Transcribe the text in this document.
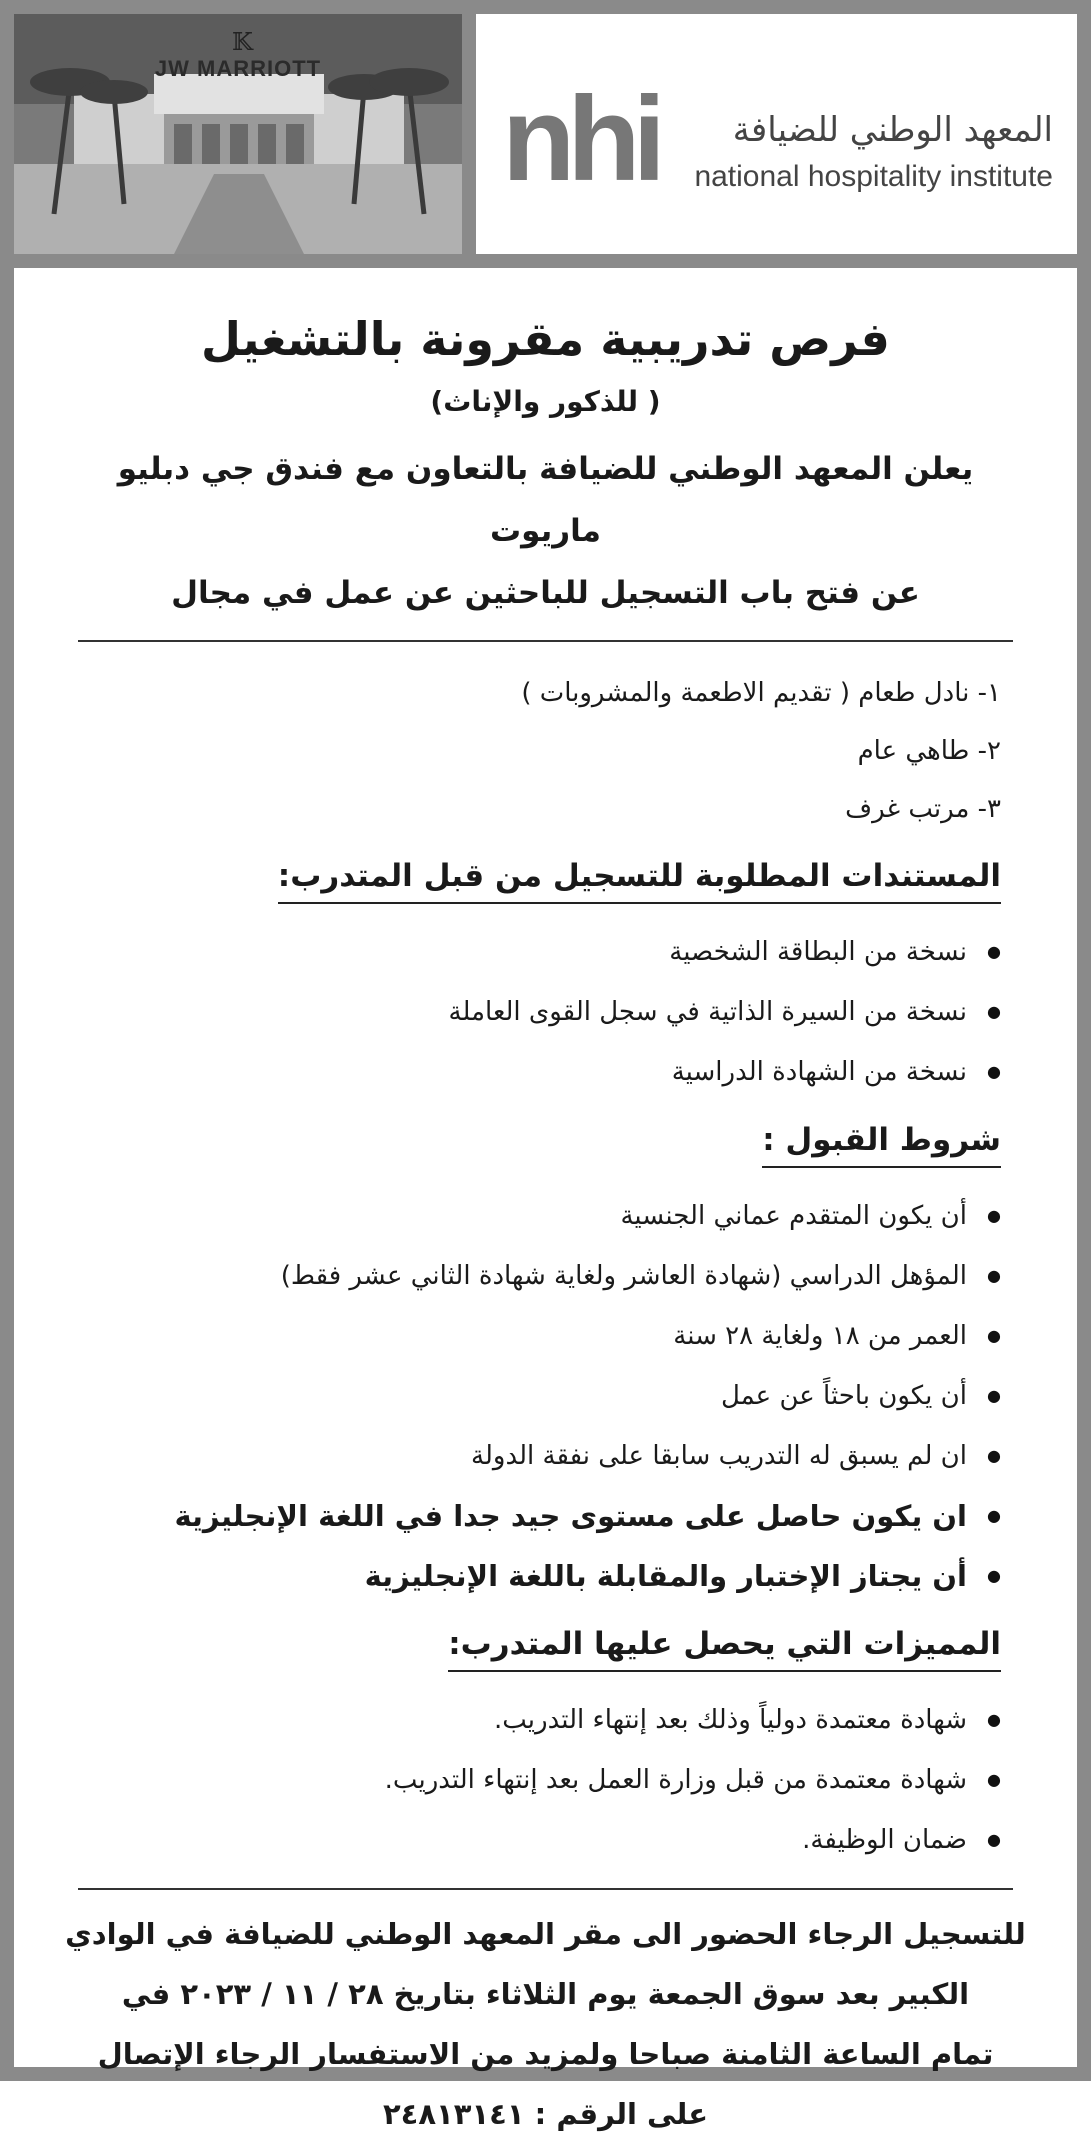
𝕂
JW MARRIOTT
nhi	المعهد الوطني للضيافة
national hospitality institute
فرص تدريبية مقرونة بالتشغيل
( للذكور والإناث)
يعلن المعهد الوطني للضيافة بالتعاون مع فندق جي دبليو ماريوت
عن فتح باب التسجيل للباحثين عن عمل في مجال
١- نادل طعام ( تقديم الاطعمة والمشروبات )
٢- طاهي عام
٣- مرتب غرف
المستندات المطلوبة للتسجيل من قبل المتدرب:
● نسخة من البطاقة الشخصية
● نسخة من السيرة الذاتية في سجل القوى العاملة
● نسخة من الشهادة الدراسية
شروط القبول :
● أن يكون المتقدم عماني الجنسية
● المؤهل الدراسي (شهادة العاشر ولغاية شهادة الثاني عشر فقط)
● العمر من ١٨ ولغاية ٢٨ سنة
● أن يكون باحثاً عن عمل
● ان لم يسبق له التدريب سابقا على نفقة الدولة
● ان يكون حاصل على مستوى جيد جدا في اللغة الإنجليزية
● أن يجتاز الإختبار والمقابلة باللغة الإنجليزية
المميزات التي يحصل عليها المتدرب:
● شهادة معتمدة دولياً وذلك بعد إنتهاء التدريب.
● شهادة معتمدة من قبل وزارة العمل بعد إنتهاء التدريب.
● ضمان الوظيفة.
للتسجيل الرجاء الحضور الى مقر المعهد الوطني للضيافة في الوادي
الكبير بعد سوق الجمعة يوم الثلاثاء بتاريخ ٢٨ / ١١ / ٢٠٢٣ في
تمام الساعة الثامنة صباحا ولمزيد من الاستفسار الرجاء الإتصال
على الرقم : ٢٤٨١٣١٤١
